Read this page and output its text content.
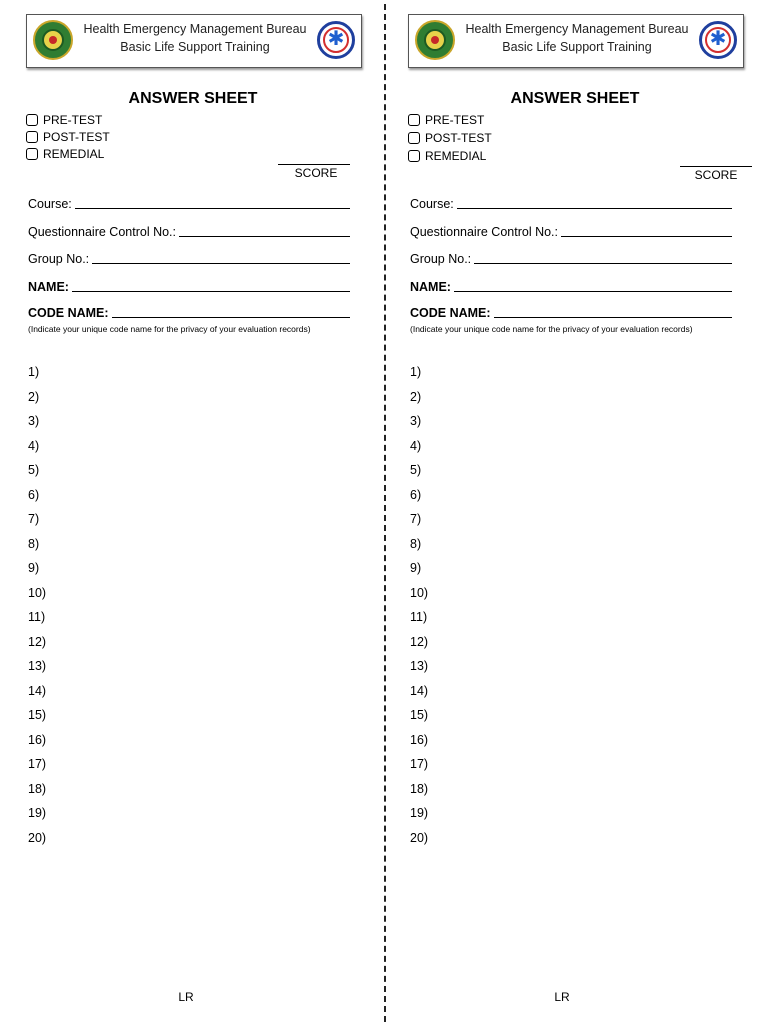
Health Emergency Management Bureau
Basic Life Support Training	✱
ANSWER SHEET
PRE-TEST
POST-TEST
REMEDIAL
SCORE
Course:
Questionnaire Control No.:
Group No.:
NAME:
CODE NAME:
(Indicate your unique code name for the privacy of your evaluation records)
1)
2)
3)
4)
5)
6)
7)
8)
9)
10)
11)
12)
13)
14)
15)
16)
17)
18)
19)
20)
LR
Health Emergency Management Bureau
Basic Life Support Training	✱
ANSWER SHEET
PRE-TEST
POST-TEST
REMEDIAL
SCORE
Course:
Questionnaire Control No.:
Group No.:
NAME:
CODE NAME:
(Indicate your unique code name for the privacy of your evaluation records)
1)
2)
3)
4)
5)
6)
7)
8)
9)
10)
11)
12)
13)
14)
15)
16)
17)
18)
19)
20)
LR
